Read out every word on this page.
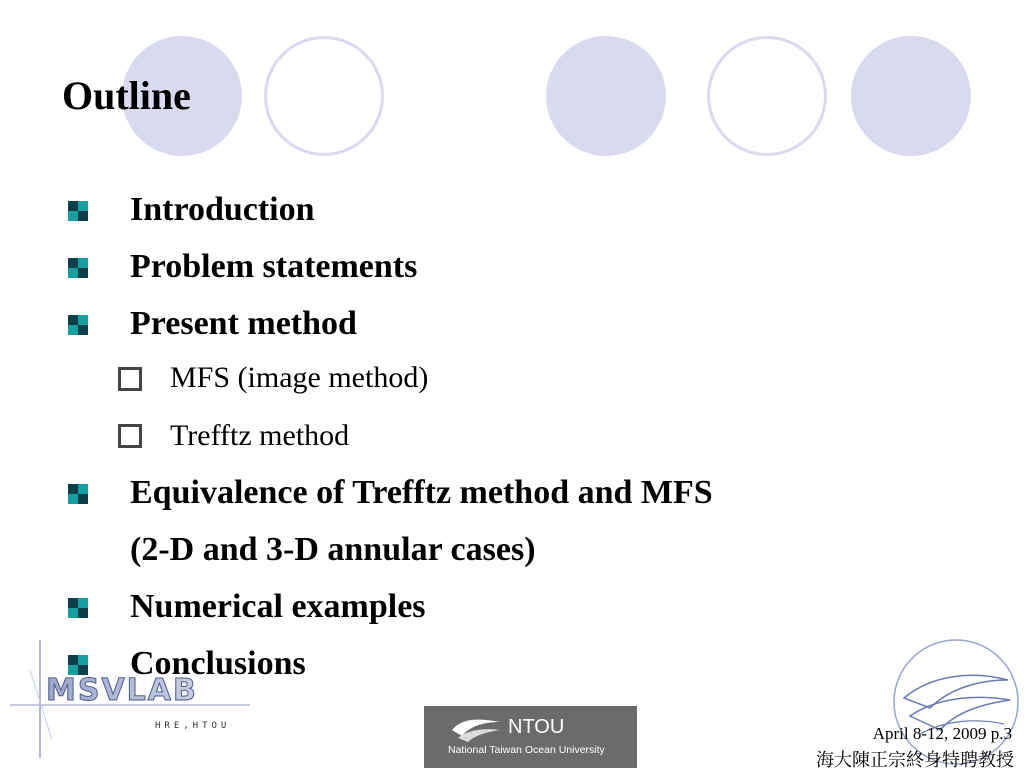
Outline
Introduction
Problem statements
Present method
MFS (image method)
Trefftz method
Equivalence of Trefftz method and MFS
(2-D and 3-D annular cases)
Numerical examples
Conclusions
MSVLAB
HRE,HTOU	NTOU
National Taiwan Ocean University
April 8-12, 2009 p.3
海大陳正宗終身特聘教授
